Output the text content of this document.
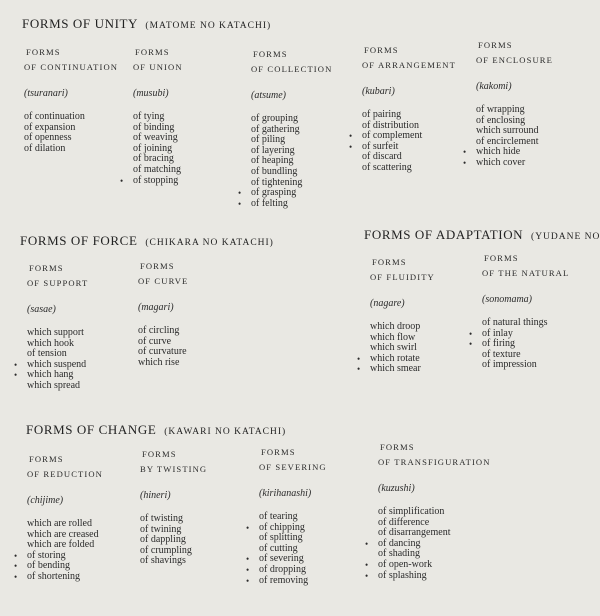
FORMS OF UNITY (MATOME NO KATACHI)
FORMS
OF CONTINUATION
(tsuranari)
of continuation
of expansion
of openness
of dilation
FORMS
OF UNION
(musubi)
of tying
of binding
of weaving
of joining
of bracing
of matching
• of stopping
FORMS
OF COLLECTION
(atsume)
of grouping
of gathering
of piling
of layering
of heaping
of bundling
of tightening
• of grasping
• of felting
FORMS
OF ARRANGEMENT
(kubari)
of pairing
of distribution
• of complement
• of surfeit
of discard
of scattering
FORMS
OF ENCLOSURE
(kakomi)
of wrapping
of enclosing
which surround
of encirclement
• which hide
• which cover
FORMS OF FORCE (CHIKARA NO KATACHI)
FORMS
OF SUPPORT
(sasae)
which support
which hook
of tension
• which suspend
• which hang
which spread
FORMS
OF CURVE
(magari)
of circling
of curve
of curvature
which rise
FORMS OF ADAPTATION (YUDANE NO
FORMS
OF FLUIDITY
(nagare)
which droop
which flow
which swirl
• which rotate
• which smear
FORMS
OF THE NATURAL
(sonomama)
of natural things
• of inlay
• of firing
of texture
of impression
FORMS OF CHANGE (KAWARI NO KATACHI)
FORMS
OF REDUCTION
(chijime)
which are rolled
which are creased
which are folded
• of storing
• of bending
• of shortening
FORMS
BY TWISTING
(hineri)
of twisting
of twining
of dappling
of crumpling
of shavings
FORMS
OF SEVERING
(kirihanashi)
of tearing
• of chipping
of splitting
of cutting
• of severing
• of dropping
• of removing
FORMS
OF TRANSFIGURATION
(kuzushi)
of simplification
of difference
of disarrangement
• of dancing
of shading
• of open-work
• of splashing
